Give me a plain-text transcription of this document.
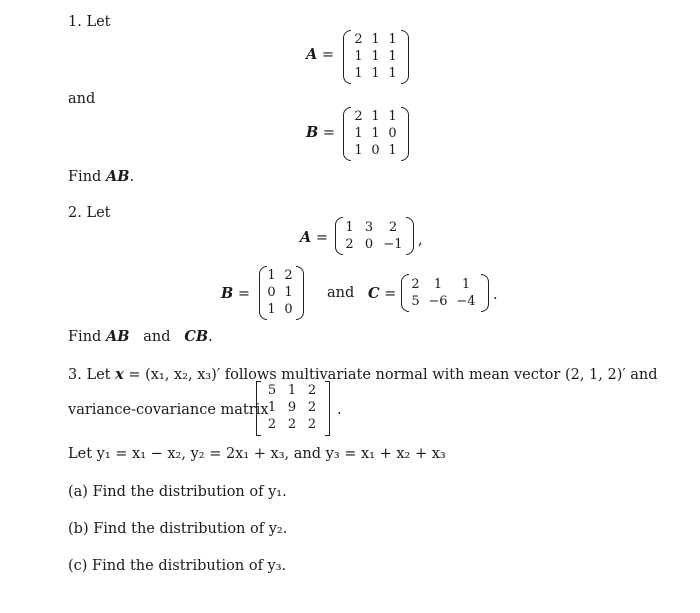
1. Let
A =
2 1 1
1 1 1
1 1 1
and
B =
2 1 1
1 1 0
1 0 1
Find AB.
2. Let
A =
1 3	2
2 0 −1 ,
B =
1 2
0 1
1 0
and C =
2	1	1
5 −6 −4	.
Find AB and CB.
3. Let x = (x₁, x₂, x₃)′ follows multivariate normal with mean vector (2, 1, 2)′ and
variance-covariance matrix
5 1 2
1 9 2
2 2 2
.
Let y₁ = x₁ − x₂, y₂ = 2x₁ + x₃, and y₃ = x₁ + x₂ + x₃
(a) Find the distribution of y₁.
(b) Find the distribution of y₂.
(c) Find the distribution of y₃.
